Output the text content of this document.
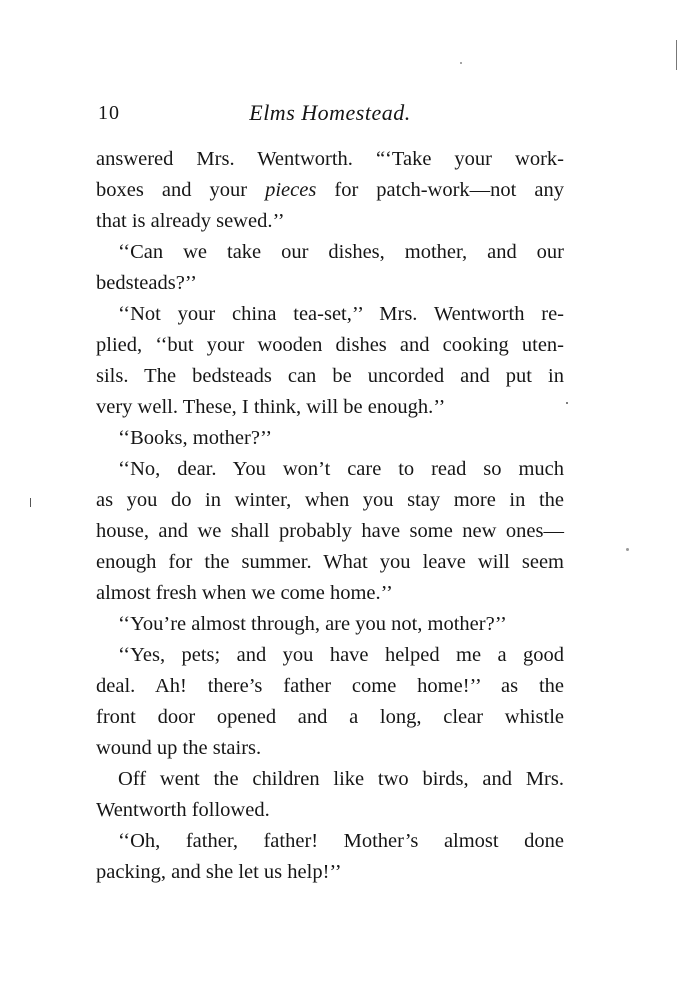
10	Elms Homestead.
answered Mrs. Wentworth. “‘Take your work-
boxes and your pieces for patch-work—not any
that is already sewed.’’
‘‘Can we take our dishes, mother, and our
bedsteads?’’
‘‘Not your china tea-set,’’ Mrs. Wentworth re-
plied, ‘‘but your wooden dishes and cooking uten-
sils. The bedsteads can be uncorded and put in
very well. These, I think, will be enough.’’
‘‘Books, mother?’’
‘‘No, dear. You won’t care to read so much
as you do in winter, when you stay more in the
house, and we shall probably have some new ones—
enough for the summer. What you leave will seem
almost fresh when we come home.’’
‘‘You’re almost through, are you not, mother?’’
‘‘Yes, pets; and you have helped me a good
deal. Ah! there’s father come home!’’ as the
front door opened and a long, clear whistle
wound up the stairs.
Off went the children like two birds, and Mrs.
Wentworth followed.
‘‘Oh, father, father! Mother’s almost done
packing, and she let us help!’’
